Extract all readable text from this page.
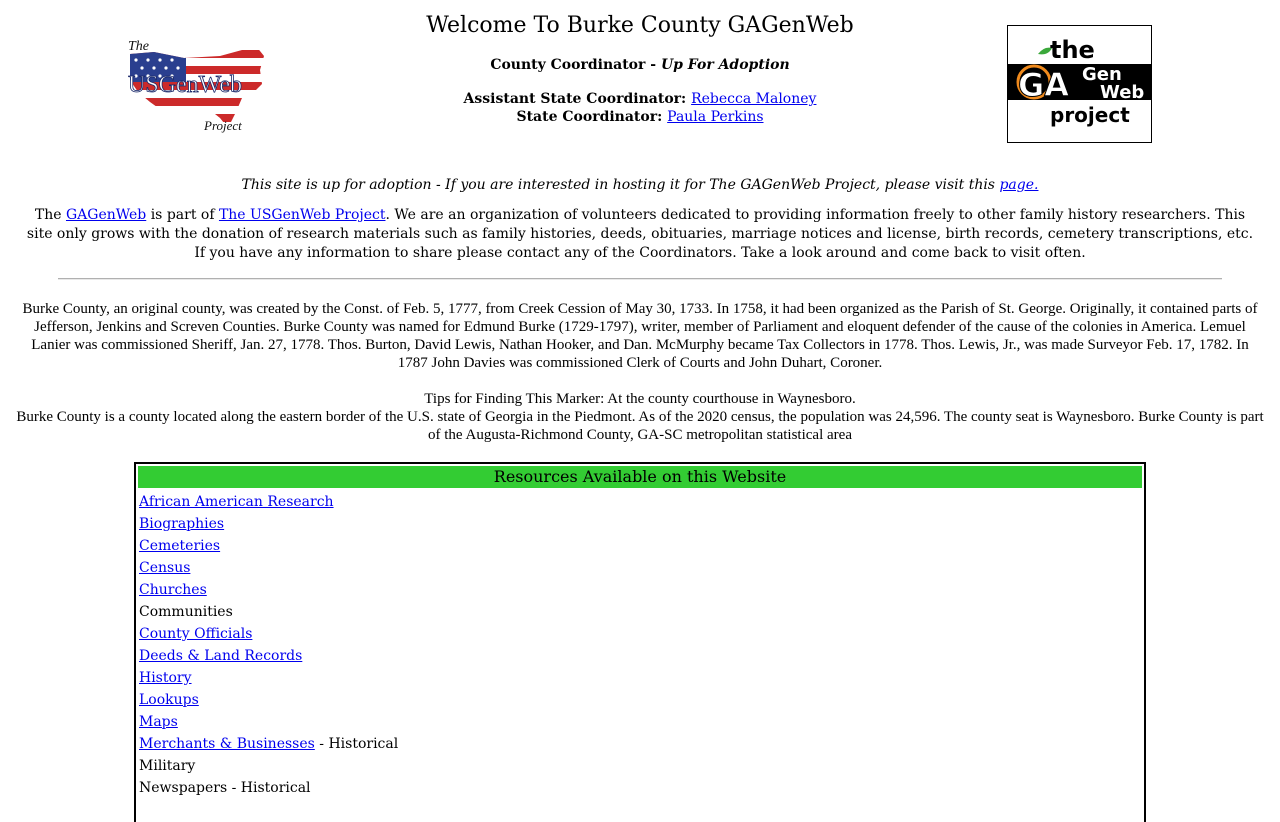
The
USGenWeb
Project
Welcome To Burke County GAGenWeb
County Coordinator - Up For Adoption
Assistant State Coordinator: Rebecca Maloney
State Coordinator: Paula Perkins
the
GA Gen
Web
project
This site is up for adoption - If you are interested in hosting it for The GAGenWeb Project, please visit this page.
The GAGenWeb is part of The USGenWeb Project. We are an organization of volunteers dedicated to providing information freely to other family history researchers. This site only grows with the donation of research materials such as family histories, deeds, obituaries, marriage notices and license, birth records, cemetery transcriptions, etc. If you have any information to share please contact any of the Coordinators. Take a look around and come back to visit often.
Burke County, an original county, was created by the Const. of Feb. 5, 1777, from Creek Cession of May 30, 1733. In 1758, it had been organized as the Parish of St. George. Originally, it contained parts of Jefferson, Jenkins and Screven Counties. Burke County was named for Edmund Burke (1729-1797), writer, member of Parliament and eloquent defender of the cause of the colonies in America. Lemuel Lanier was commissioned Sheriff, Jan. 27, 1778. Thos. Burton, David Lewis, Nathan Hooker, and Dan. McMurphy became Tax Collectors in 1778. Thos. Lewis, Jr., was made Surveyor Feb. 17, 1782. In 1787 John Davies was commissioned Clerk of Courts and John Duhart, Coroner.
Tips for Finding This Marker: At the county courthouse in Waynesboro.
Burke County is a county located along the eastern border of the U.S. state of Georgia in the Piedmont. As of the 2020 census, the population was 24,596. The county seat is Waynesboro. Burke County is part of the Augusta-Richmond County, GA-SC metropolitan statistical area
Resources Available on this Website
African American Research
Biographies
Cemeteries
Census
Churches
Communities
County Officials
Deeds & Land Records
History
Lookups
Maps
Merchants & Businesses - Historical
Military
Newspapers - Historical
